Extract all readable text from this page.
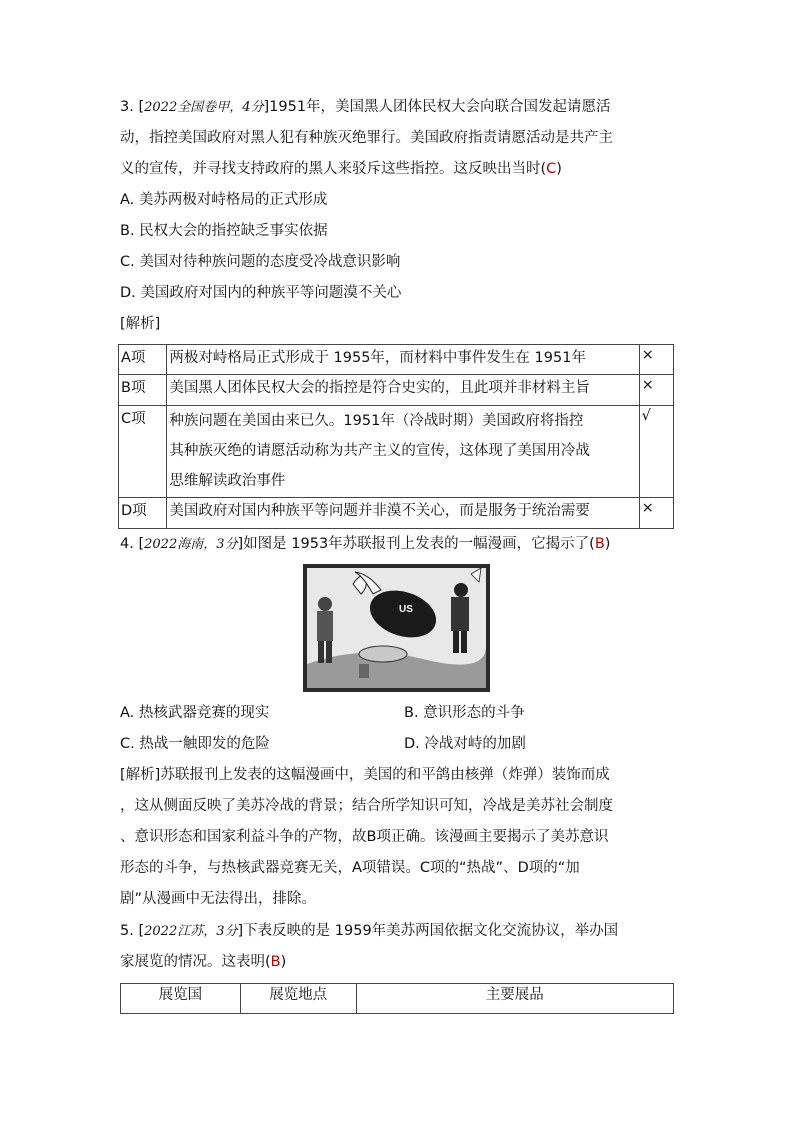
3. [2022全国卷甲，4分]1951年，美国黑人团体民权大会向联合国发起请愿活
动，指控美国政府对黑人犯有种族灭绝罪行。美国政府指责请愿活动是共产主
义的宣传，并寻找支持政府的黑人来驳斥这些指控。这反映出当时(C)
A. 美苏两极对峙格局的正式形成
B. 民权大会的指控缺乏事实依据
C. 美国对待种族问题的态度受冷战意识影响
D. 美国政府对国内的种族平等问题漠不关心
[解析]
A项	两极对峙格局正式形成于 1955年，而材料中事件发生在 1951年	×
B项	美国黑人团体民权大会的指控是符合史实的，且此项并非材料主旨	×
C项	种族问题在美国由来已久。1951年（冷战时期）美国政府将指控
其种族灭绝的请愿活动称为共产主义的宣传，这体现了美国用冷战
思维解读政治事件	√
D项	美国政府对国内种族平等问题并非漠不关心，而是服务于统治需要	×
4. [2022海南，3分]如图是 1953年苏联报刊上发表的一幅漫画，它揭示了(B)
US
A. 热核武器竞赛的现实	B. 意识形态的斗争
C. 热战一触即发的危险	D. 冷战对峙的加剧
[解析]苏联报刊上发表的这幅漫画中，美国的和平鸽由核弹（炸弹）装饰而成
，这从侧面反映了美苏冷战的背景；结合所学知识可知，冷战是美苏社会制度
、意识形态和国家利益斗争的产物，故B项正确。该漫画主要揭示了美苏意识
形态的斗争，与热核武器竞赛无关，A项错误。C项的“热战”、D项的“加
剧”从漫画中无法得出，排除。
5. [2022江苏，3分]下表反映的是 1959年美苏两国依据文化交流协议，举办国
家展览的情况。这表明(B)
展览国	展览地点	主要展品
